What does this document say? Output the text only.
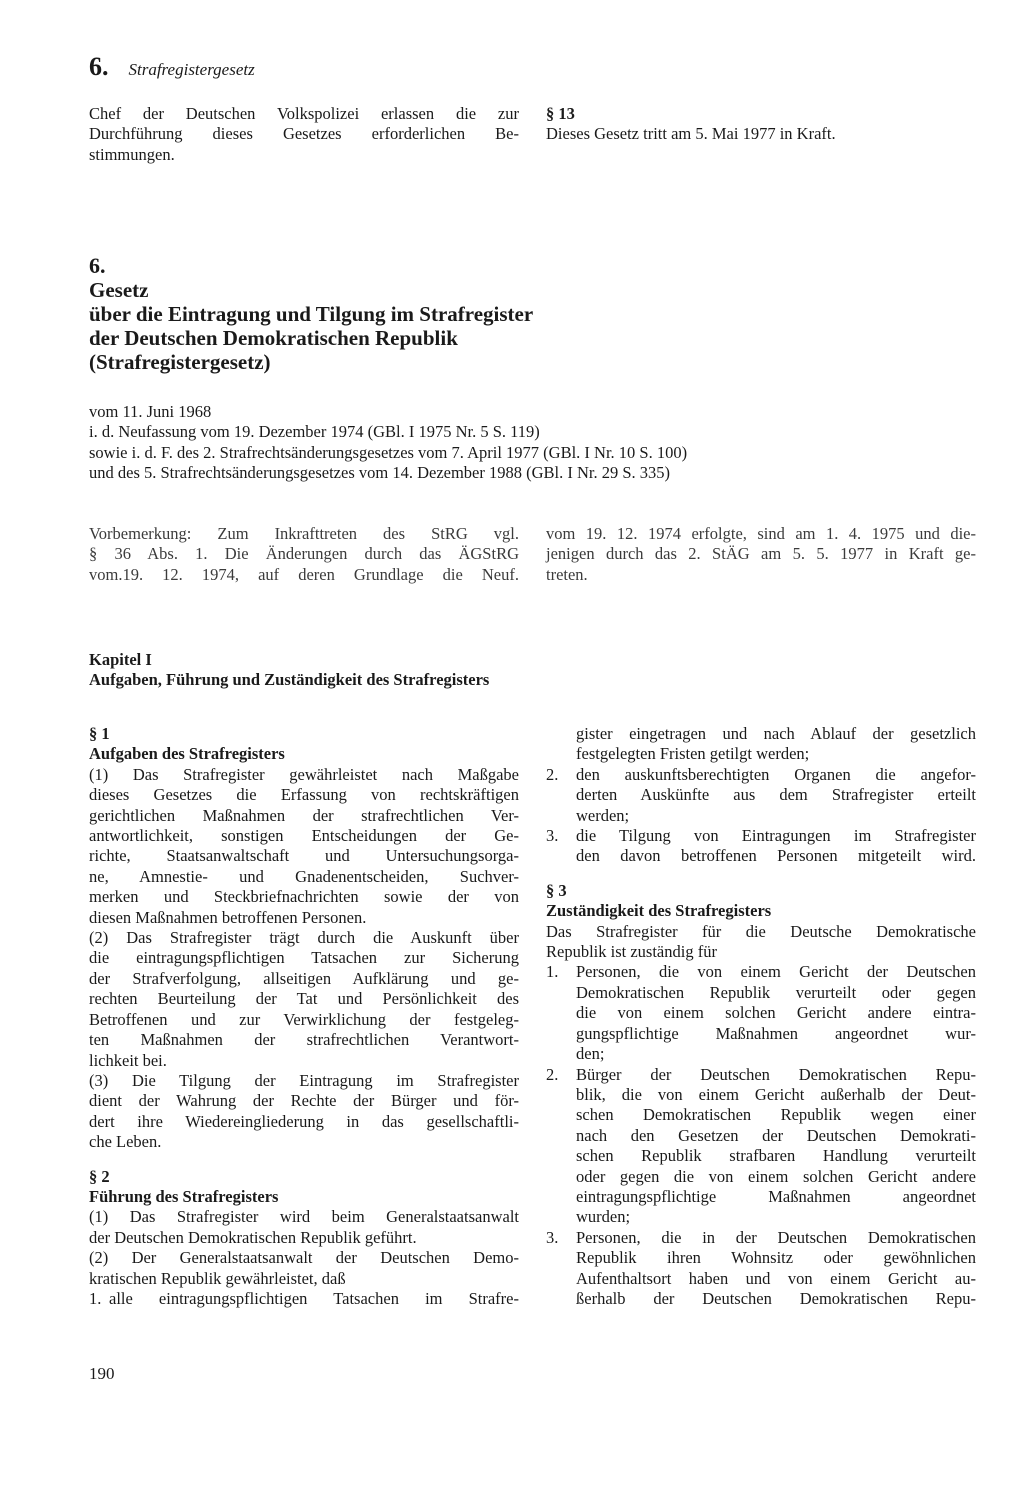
6. Strafregistergesetz
Chef der Deutschen Volkspolizei erlassen die zur
Durchführung dieses Gesetzes erforderlichen Be-
stimmungen.
§ 13
Dieses Gesetz tritt am 5. Mai 1977 in Kraft.
6.
Gesetz
über die Eintragung und Tilgung im Strafregister
der Deutschen Demokratischen Republik
(Strafregistergesetz)
vom 11. Juni 1968
i. d. Neufassung vom 19. Dezember 1974 (GBl. I 1975 Nr. 5 S. 119)
sowie i. d. F. des 2. Strafrechtsänderungsgesetzes vom 7. April 1977 (GBl. I Nr. 10 S. 100)
und des 5. Strafrechtsänderungsgesetzes vom 14. Dezember 1988 (GBl. I Nr. 29 S. 335)
Vorbemerkung: Zum Inkrafttreten des StRG vgl.
§ 36 Abs. 1. Die Änderungen durch das ÄGStRG
vom.19. 12. 1974, auf deren Grundlage die Neuf.
vom 19. 12. 1974 erfolgte, sind am 1. 4. 1975 und die-
jenigen durch das 2. StÄG am 5. 5. 1977 in Kraft ge-
treten.
Kapitel I
Aufgaben, Führung und Zuständigkeit des Strafregisters
§ 1
Aufgaben des Strafregisters
(1) Das Strafregister gewährleistet nach Maßgabe
dieses Gesetzes die Erfassung von rechtskräftigen
gerichtlichen Maßnahmen der strafrechtlichen Ver-
antwortlichkeit, sonstigen Entscheidungen der Ge-
richte, Staatsanwaltschaft und Untersuchungsorga-
ne, Amnestie- und Gnadenentscheiden, Suchver-
merken und Steckbriefnachrichten sowie der von
diesen Maßnahmen betroffenen Personen.
(2) Das Strafregister trägt durch die Auskunft über
die eintragungspflichtigen Tatsachen zur Sicherung
der Strafverfolgung, allseitigen Aufklärung und ge-
rechten Beurteilung der Tat und Persönlichkeit des
Betroffenen und zur Verwirklichung der festgeleg-
ten Maßnahmen der strafrechtlichen Verantwort-
lichkeit bei.
(3) Die Tilgung der Eintragung im Strafregister
dient der Wahrung der Rechte der Bürger und för-
dert ihre Wiedereingliederung in das gesellschaftli-
che Leben.
§ 2
Führung des Strafregisters
(1) Das Strafregister wird beim Generalstaatsanwalt
der Deutschen Demokratischen Republik geführt.
(2) Der Generalstaatsanwalt der Deutschen Demo-
kratischen Republik gewährleistet, daß
1. alle eintragungspflichtigen Tatsachen im Strafre-
gister eingetragen und nach Ablauf der gesetzlich
festgelegten Fristen getilgt werden;
2. den auskunftsberechtigten Organen die angefor-
derten Auskünfte aus dem Strafregister erteilt
werden;
3. die Tilgung von Eintragungen im Strafregister
den davon betroffenen Personen mitgeteilt wird.
§ 3
Zuständigkeit des Strafregisters
Das Strafregister für die Deutsche Demokratische
Republik ist zuständig für
1. Personen, die von einem Gericht der Deutschen
Demokratischen Republik verurteilt oder gegen
die von einem solchen Gericht andere eintra-
gungspflichtige Maßnahmen angeordnet wur-
den;
2. Bürger der Deutschen Demokratischen Repu-
blik, die von einem Gericht außerhalb der Deut-
schen Demokratischen Republik wegen einer
nach den Gesetzen der Deutschen Demokrati-
schen Republik strafbaren Handlung verurteilt
oder gegen die von einem solchen Gericht andere
eintragungspflichtige Maßnahmen angeordnet
wurden;
3. Personen, die in der Deutschen Demokratischen
Republik ihren Wohnsitz oder gewöhnlichen
Aufenthaltsort haben und von einem Gericht au-
ßerhalb der Deutschen Demokratischen Repu-
190
